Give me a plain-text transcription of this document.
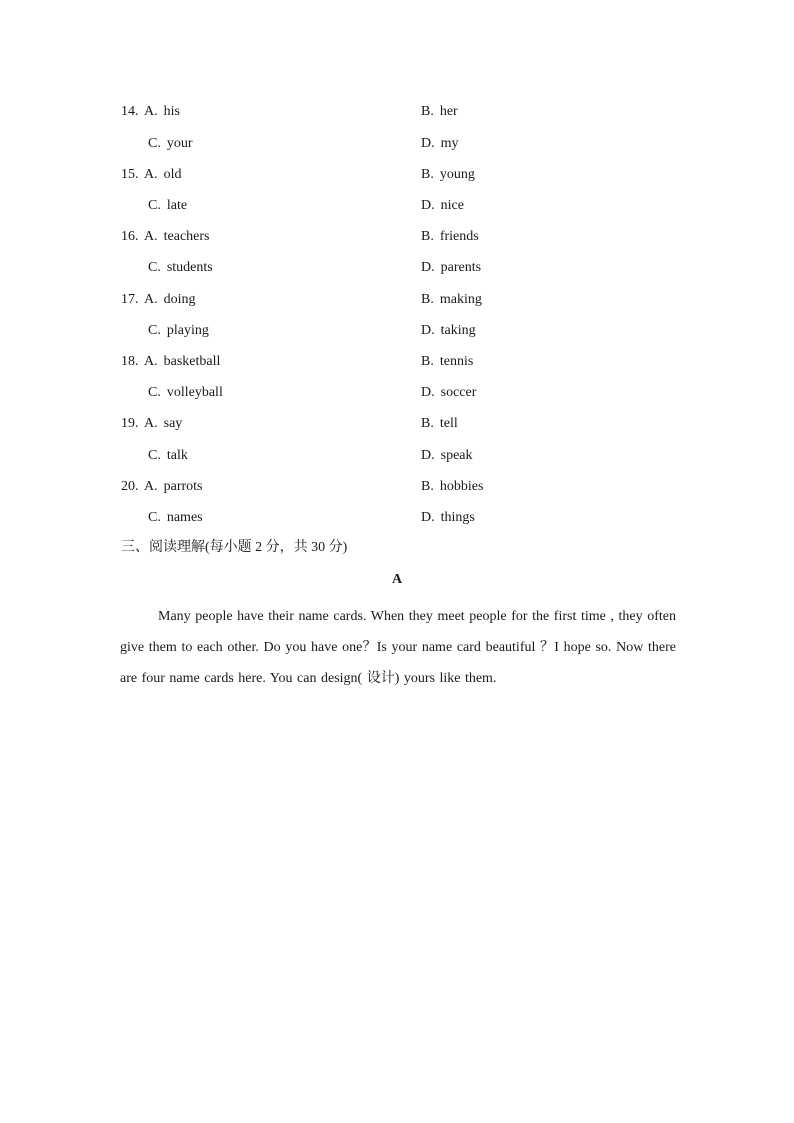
14. A. his	B. her
C. your	D. my
15. A. old	B. young
C. late	D. nice
16. A. teachers	B. friends
C. students	D. parents
17. A. doing	B. making
C. playing	D. taking
18. A. basketball	B. tennis
C. volleyball	D. soccer
19. A. say	B. tell
C. talk	D. speak
20. A. parrots	B. hobbies
C. names	D. things
三、阅读理解(每小题 2 分，共 30 分)
A

Many people have their name cards. When they meet people for the first time , they often give them to each other. Do you have one？Is your name card beautiful ？I hope so. Now there are four name cards here. You can design( 设计) yours like them.
